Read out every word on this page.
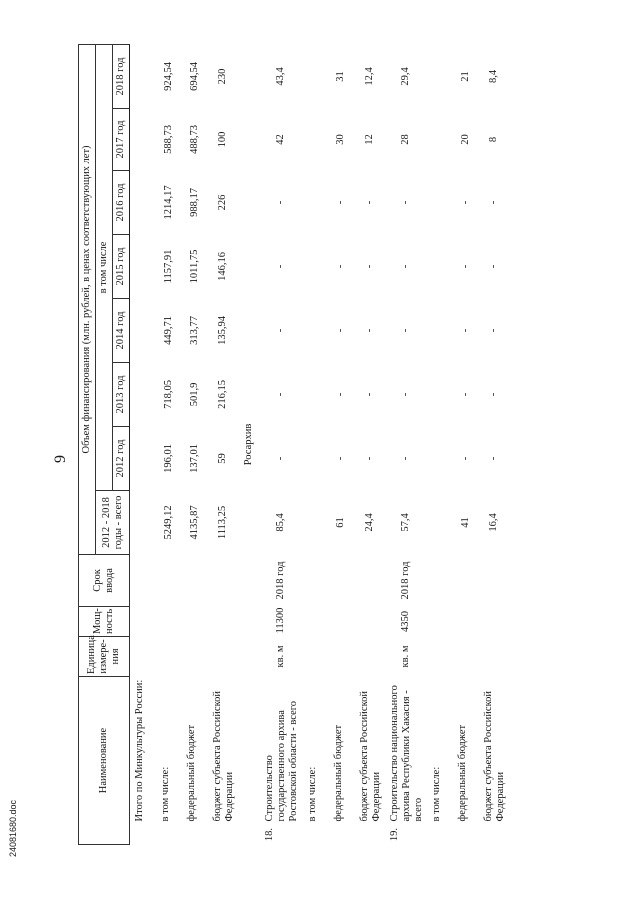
9
24081680.doc
Наименование		Единица измере-ния	Мощ-ность	Срок ввода	Объем финансирования (млн. рублей, в ценах соответствующих лет)							
					2012 - 2018 годы - всего	в том числе						
						2012 год	2013 год	2014 год	2015 год	2016 год	2017 год	2018 год
	Итого по Минкультуры России:											
	в том числе:				5249,12	196,01	718,05	449,71	1157,91	1214,17	588,73	924,54
	федеральный бюджет				4135,87	137,01	501,9	313,77	1011,75	988,17	488,73	694,54
	бюджет субъекта Российской Федерации				1113,25	59	216,15	135,94	146,16	226	100	230
Росархив												
18.	Строительство государственного архива Ростовской области - всего	кв. м	11300	2018 год	85,4	-	-	-	-	-	42	43,4
	в том числе:											
	федеральный бюджет				61	-	-	-	-	-	30	31
	бюджет субъекта Российской Федерации				24,4	-	-	-	-	-	12	12,4
19.	Строительство национального архива Республики Хакасия - всего	кв. м	4350	2018 год	57,4	-	-	-	-	-	28	29,4
	в том числе:											
	федеральный бюджет				41	-	-	-	-	-	20	21
	бюджет субъекта Российской Федерации				16,4	-	-	-	-	-	8	8,4
